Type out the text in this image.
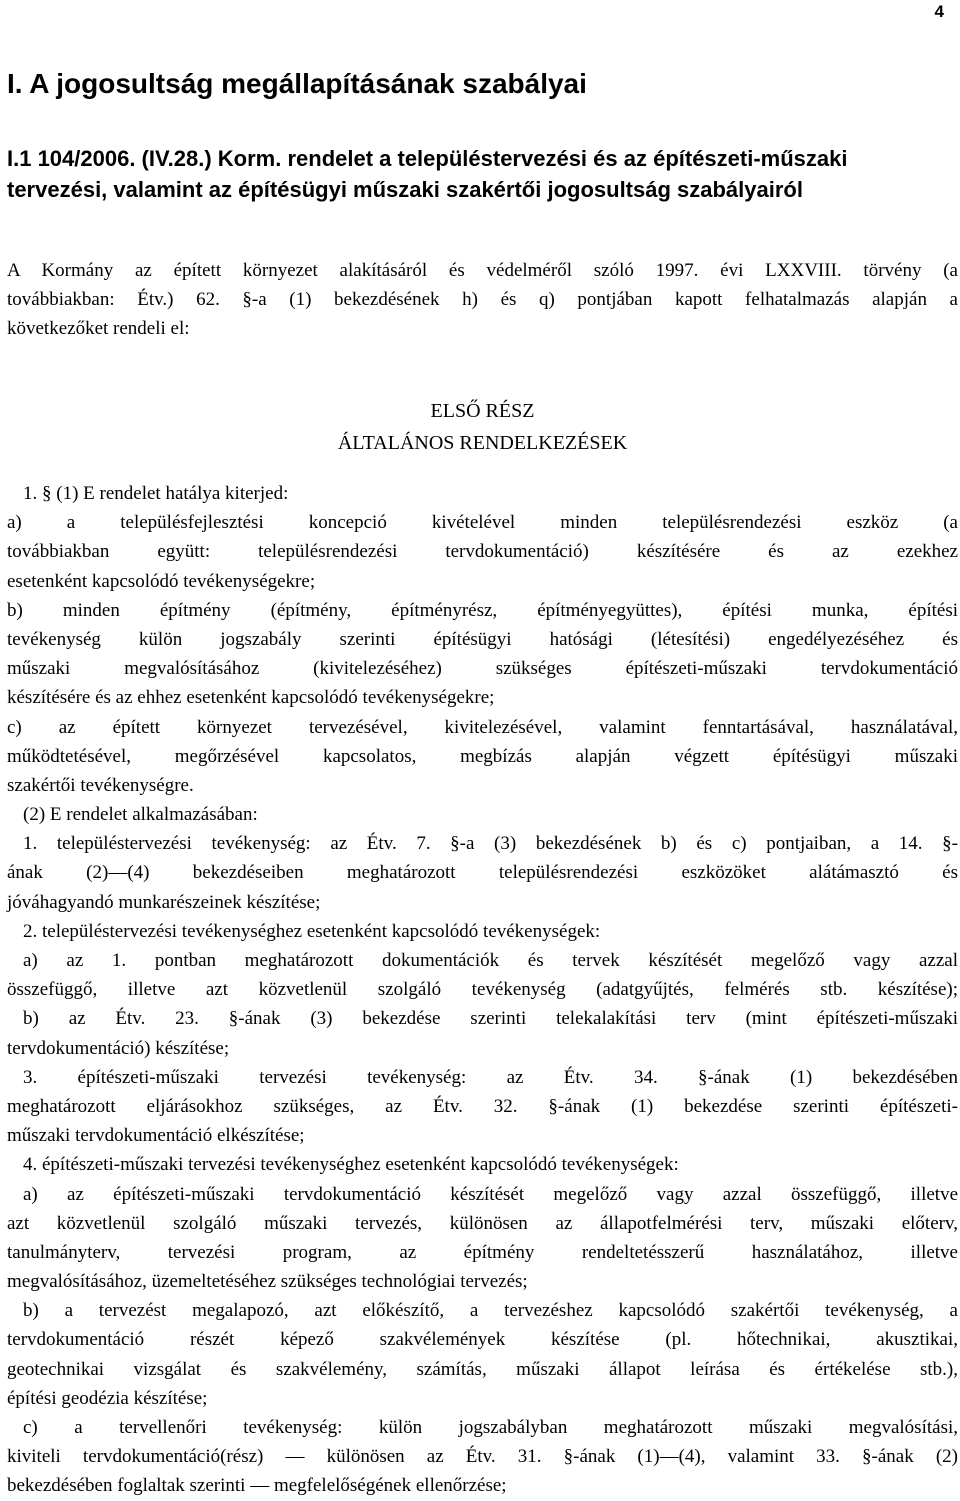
4
I. A jogosultság megállapításának szabályai
I.1 104/2006. (IV.28.) Korm. rendelet a településtervezési és az építészeti-műszaki
tervezési, valamint az építésügyi műszaki szakértői jogosultság szabályairól
A Kormány az épített környezet alakításáról és védelméről szóló 1997. évi LXXVIII. törvény (a
továbbiakban: Étv.) 62. §-a (1) bekezdésének h) és q) pontjában kapott felhatalmazás alapján a
következőket rendeli el:
ELSŐ RÉSZ
ÁLTALÁNOS RENDELKEZÉSEK
1. § (1) E rendelet hatálya kiterjed:
a) a településfejlesztési koncepció kivételével minden településrendezési eszköz (a
továbbiakban együtt: településrendezési tervdokumentáció) készítésére és az ezekhez
esetenként kapcsolódó tevékenységekre;
b) minden építmény (építmény, építményrész, építményegyüttes), építési munka, építési
tevékenység külön jogszabály szerinti építésügyi hatósági (létesítési) engedélyezéséhez és
műszaki megvalósításához (kivitelezéséhez) szükséges építészeti-műszaki tervdokumentáció
készítésére és az ehhez esetenként kapcsolódó tevékenységekre;
c) az épített környezet tervezésével, kivitelezésével, valamint fenntartásával, használatával,
működtetésével, megőrzésével kapcsolatos, megbízás alapján végzett építésügyi műszaki
szakértői tevékenységre.
(2) E rendelet alkalmazásában:
1. településtervezési tevékenység: az Étv. 7. §-a (3) bekezdésének b) és c) pontjaiban, a 14. §-
ának (2)—(4) bekezdéseiben meghatározott településrendezési eszközöket alátámasztó és
jóváhagyandó munkarészeinek készítése;
2. településtervezési tevékenységhez esetenként kapcsolódó tevékenységek:
a) az 1. pontban meghatározott dokumentációk és tervek készítését megelőző vagy azzal
összefüggő, illetve azt közvetlenül szolgáló tevékenység (adatgyűjtés, felmérés stb. készítése);
b) az Étv. 23. §-ának (3) bekezdése szerinti telekalakítási terv (mint építészeti-műszaki
tervdokumentáció) készítése;
3. építészeti-műszaki tervezési tevékenység: az Étv. 34. §-ának (1) bekezdésében
meghatározott eljárásokhoz szükséges, az Étv. 32. §-ának (1) bekezdése szerinti építészeti-
műszaki tervdokumentáció elkészítése;
4. építészeti-műszaki tervezési tevékenységhez esetenként kapcsolódó tevékenységek:
a) az építészeti-műszaki tervdokumentáció készítését megelőző vagy azzal összefüggő, illetve
azt közvetlenül szolgáló műszaki tervezés, különösen az állapotfelmérési terv, műszaki előterv,
tanulmányterv, tervezési program, az építmény rendeltetésszerű használatához, illetve
megvalósításához, üzemeltetéséhez szükséges technológiai tervezés;
b) a tervezést megalapozó, azt előkészítő, a tervezéshez kapcsolódó szakértői tevékenység, a
tervdokumentáció részét képező szakvélemények készítése (pl. hőtechnikai, akusztikai,
geotechnikai vizsgálat és szakvélemény, számítás, műszaki állapot leírása és értékelése stb.),
építési geodézia készítése;
c) a tervellenőri tevékenység: külön jogszabályban meghatározott műszaki megvalósítási,
kiviteli tervdokumentáció(rész) — különösen az Étv. 31. §-ának (1)—(4), valamint 33. §-ának (2)
bekezdésében foglaltak szerinti — megfelelőségének ellenőrzése;
